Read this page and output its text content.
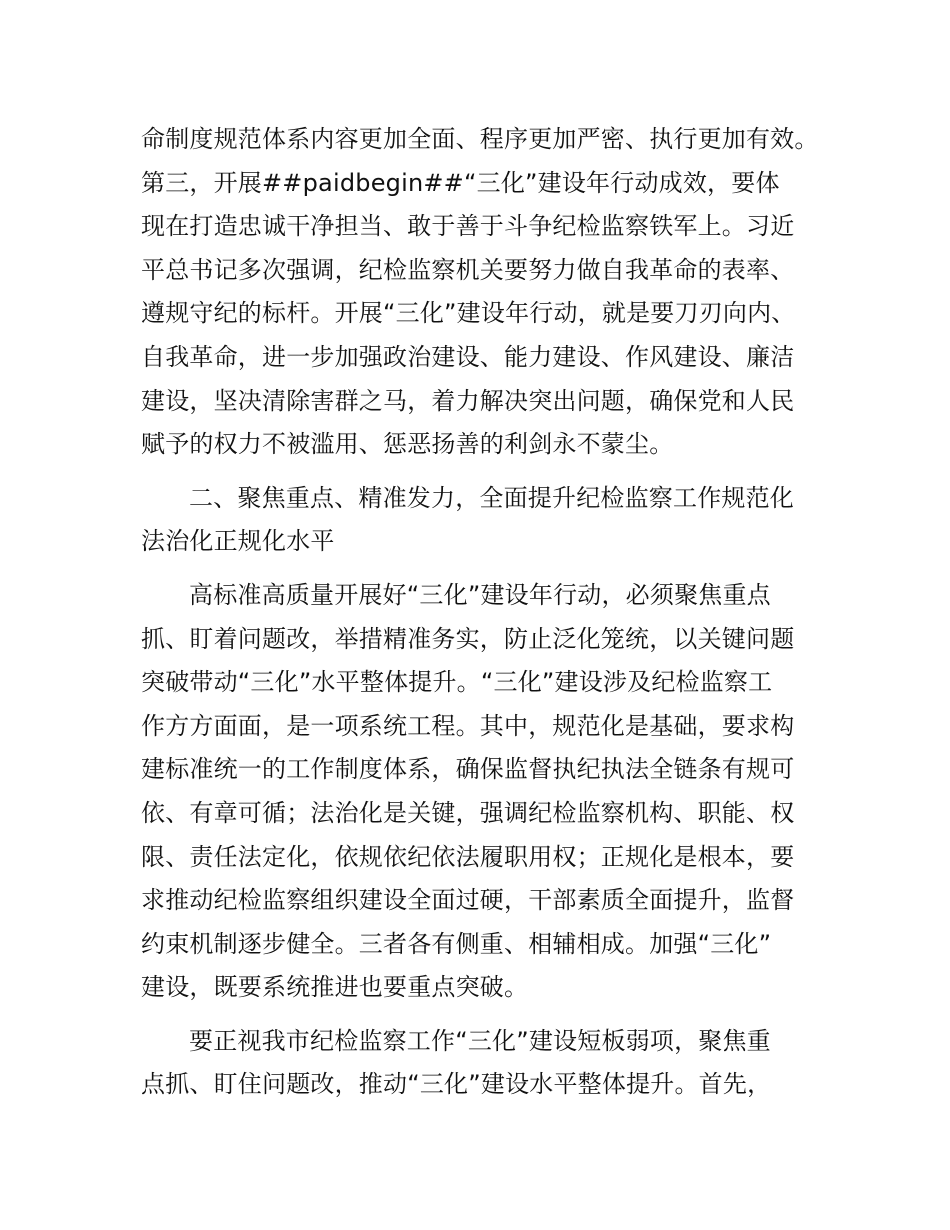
命制度规范体系内容更加全面、程序更加严密、执行更加有效。
第三，开展##paidbegin##“三化”建设年行动成效，要体
现在打造忠诚干净担当、敢于善于斗争纪检监察铁军上。习近
平总书记多次强调，纪检监察机关要努力做自我革命的表率、
遵规守纪的标杆。开展“三化”建设年行动，就是要刀刃向内、
自我革命，进一步加强政治建设、能力建设、作风建设、廉洁
建设，坚决清除害群之马，着力解决突出问题，确保党和人民
赋予的权力不被滥用、惩恶扬善的利剑永不蒙尘。

二、聚焦重点、精准发力，全面提升纪检监察工作规范化
法治化正规化水平

高标准高质量开展好“三化”建设年行动，必须聚焦重点
抓、盯着问题改，举措精准务实，防止泛化笼统，以关键问题
突破带动“三化”水平整体提升。“三化”建设涉及纪检监察工
作方方面面，是一项系统工程。其中，规范化是基础，要求构
建标准统一的工作制度体系，确保监督执纪执法全链条有规可
依、有章可循；法治化是关键，强调纪检监察机构、职能、权
限、责任法定化，依规依纪依法履职用权；正规化是根本，要
求推动纪检监察组织建设全面过硬，干部素质全面提升，监督
约束机制逐步健全。三者各有侧重、相辅相成。加强“三化”
建设，既要系统推进也要重点突破。

要正视我市纪检监察工作“三化”建设短板弱项，聚焦重
点抓、盯住问题改，推动“三化”建设水平整体提升。首先，
